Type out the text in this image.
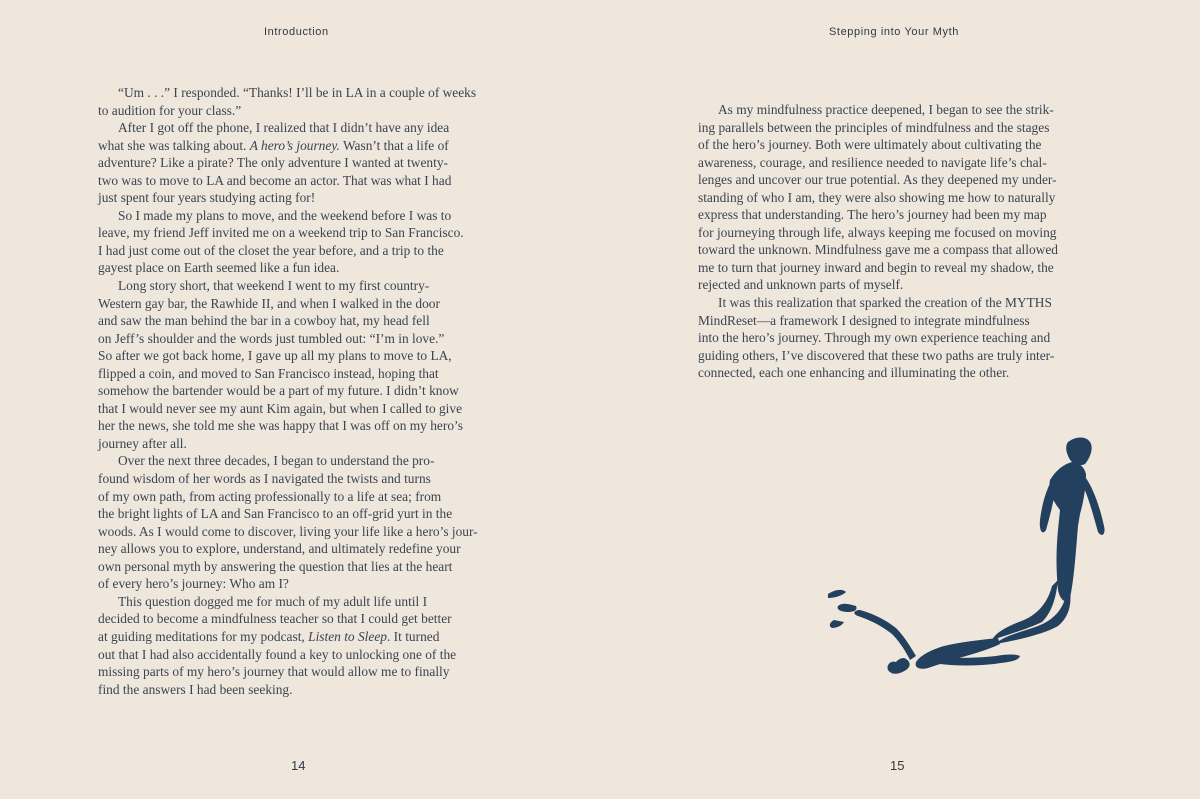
Introduction
“Um . . .” I responded. “Thanks! I’ll be in LA in a couple of weeks
to audition for your class.”
After I got off the phone, I realized that I didn’t have any idea
what she was talking about. A hero’s journey. Wasn’t that a life of
adventure? Like a pirate? The only adventure I wanted at twenty-
two was to move to LA and become an actor. That was what I had
just spent four years studying acting for!
So I made my plans to move, and the weekend before I was to
leave, my friend Jeff invited me on a weekend trip to San Francisco.
I had just come out of the closet the year before, and a trip to the
gayest place on Earth seemed like a fun idea.
Long story short, that weekend I went to my first country-
Western gay bar, the Rawhide II, and when I walked in the door
and saw the man behind the bar in a cowboy hat, my head fell
on Jeff’s shoulder and the words just tumbled out: “I’m in love.”
So after we got back home, I gave up all my plans to move to LA,
flipped a coin, and moved to San Francisco instead, hoping that
somehow the bartender would be a part of my future. I didn’t know
that I would never see my aunt Kim again, but when I called to give
her the news, she told me she was happy that I was off on my hero’s
journey after all.
Over the next three decades, I began to understand the pro-
found wisdom of her words as I navigated the twists and turns
of my own path, from acting professionally to a life at sea; from
the bright lights of LA and San Francisco to an off-grid yurt in the
woods. As I would come to discover, living your life like a hero’s jour-
ney allows you to explore, understand, and ultimately redefine your
own personal myth by answering the question that lies at the heart
of every hero’s journey: Who am I?
This question dogged me for much of my adult life until I
decided to become a mindfulness teacher so that I could get better
at guiding meditations for my podcast, Listen to Sleep. It turned
out that I had also accidentally found a key to unlocking one of the
missing parts of my hero’s journey that would allow me to finally
find the answers I had been seeking.
14
Stepping into Your Myth
As my mindfulness practice deepened, I began to see the strik-
ing parallels between the principles of mindfulness and the stages
of the hero’s journey. Both were ultimately about cultivating the
awareness, courage, and resilience needed to navigate life’s chal-
lenges and uncover our true potential. As they deepened my under-
standing of who I am, they were also showing me how to naturally
express that understanding. The hero’s journey had been my map
for journeying through life, always keeping me focused on moving
toward the unknown. Mindfulness gave me a compass that allowed
me to turn that journey inward and begin to reveal my shadow, the
rejected and unknown parts of myself.
It was this realization that sparked the creation of the MYTHS
MindReset—a framework I designed to integrate mindfulness
into the hero’s journey. Through my own experience teaching and
guiding others, I’ve discovered that these two paths are truly inter-
connected, each one enhancing and illuminating the other.
15
